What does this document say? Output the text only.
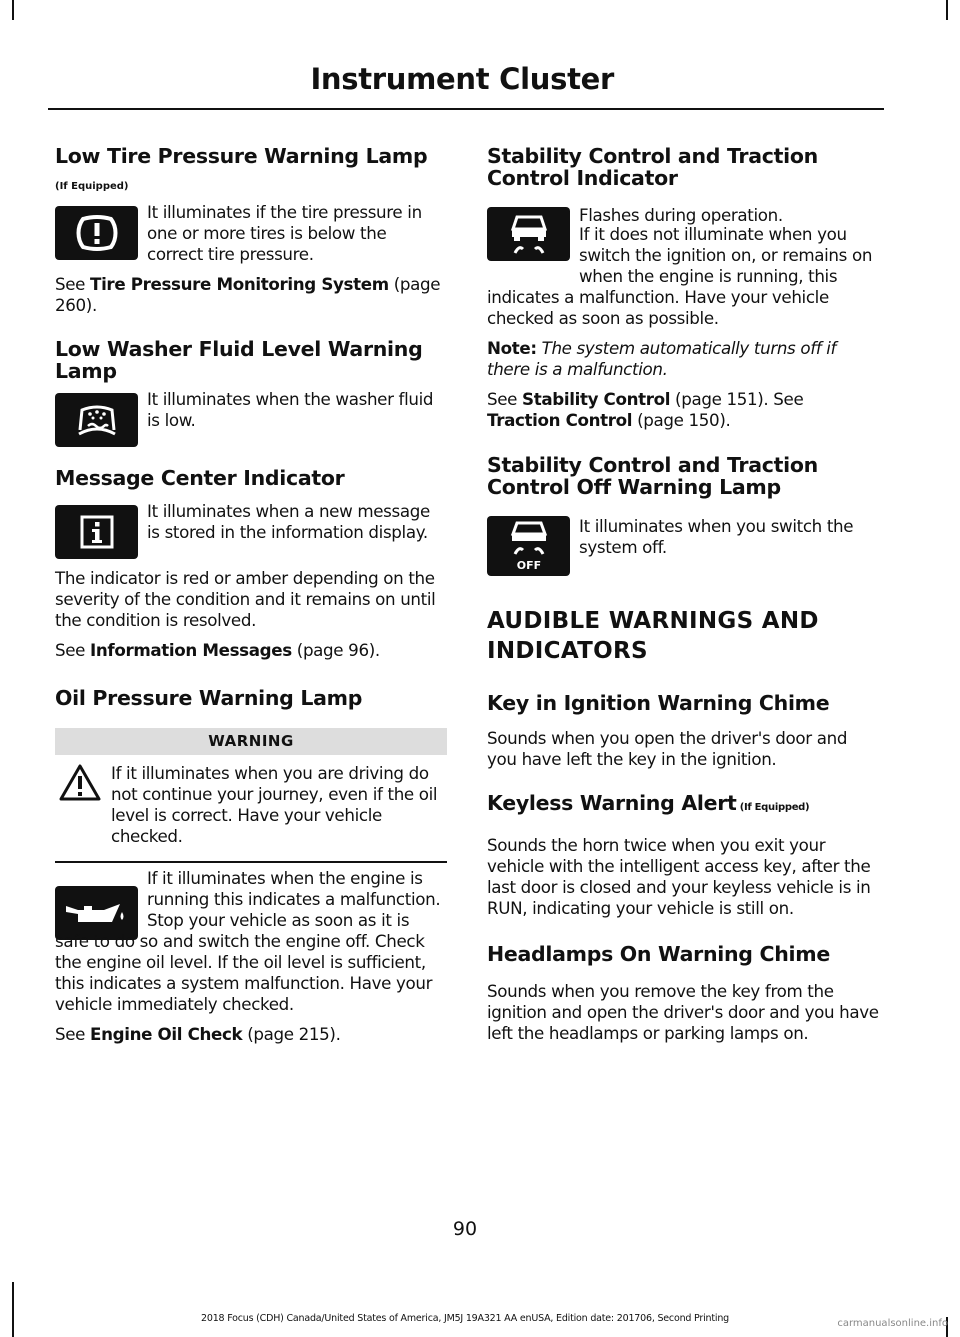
Instrument Cluster
Low Tire Pressure Warning Lamp
(If Equipped)

It illuminates if the tire pressure in one or more tires is below the correct tire pressure.

See Tire Pressure Monitoring System (page 260).

Low Washer Fluid Level Warning Lamp

It illuminates when the washer fluid is low.

Message Center Indicator

It illuminates when a new message is stored in the information display.

The indicator is red or amber depending on the severity of the condition and it remains on until the condition is resolved.

See Information Messages (page 96).

Oil Pressure Warning Lamp
WARNING

If it illuminates when you are driving do not continue your journey, even if the oil level is correct. Have your vehicle checked.

If it illuminates when the engine is running this indicates a malfunction. Stop your vehicle as soon as it is safe to do so and switch the engine off. Check the engine oil level. If the oil level is sufficient, this indicates a system malfunction. Have your vehicle immediately checked.

See Engine Oil Check (page 215).

Stability Control and Traction Control Indicator

Flashes during operation.

If it does not illuminate when you switch the ignition on, or remains on when the engine is running, this indicates a malfunction. Have your vehicle checked as soon as possible.

Note: The system automatically turns off if there is a malfunction.

See Stability Control (page 151). See Traction Control (page 150).

Stability Control and Traction Control Off Warning Lamp
OFF

It illuminates when you switch the system off.

AUDIBLE WARNINGS AND INDICATORS
Key in Ignition Warning Chime

Sounds when you open the driver's door and you have left the key in the ignition.

Keyless Warning Alert (If Equipped)

Sounds the horn twice when you exit your vehicle with the intelligent access key, after the last door is closed and your keyless vehicle is in RUN, indicating your vehicle is still on.

Headlamps On Warning Chime

Sounds when you remove the key from the ignition and open the driver's door and you have left the headlamps or parking lamps on.

90
2018 Focus (CDH) Canada/United States of America, JM5J 19A321 AA enUSA, Edition date: 201706, Second Printing	carmanualsonline.info
